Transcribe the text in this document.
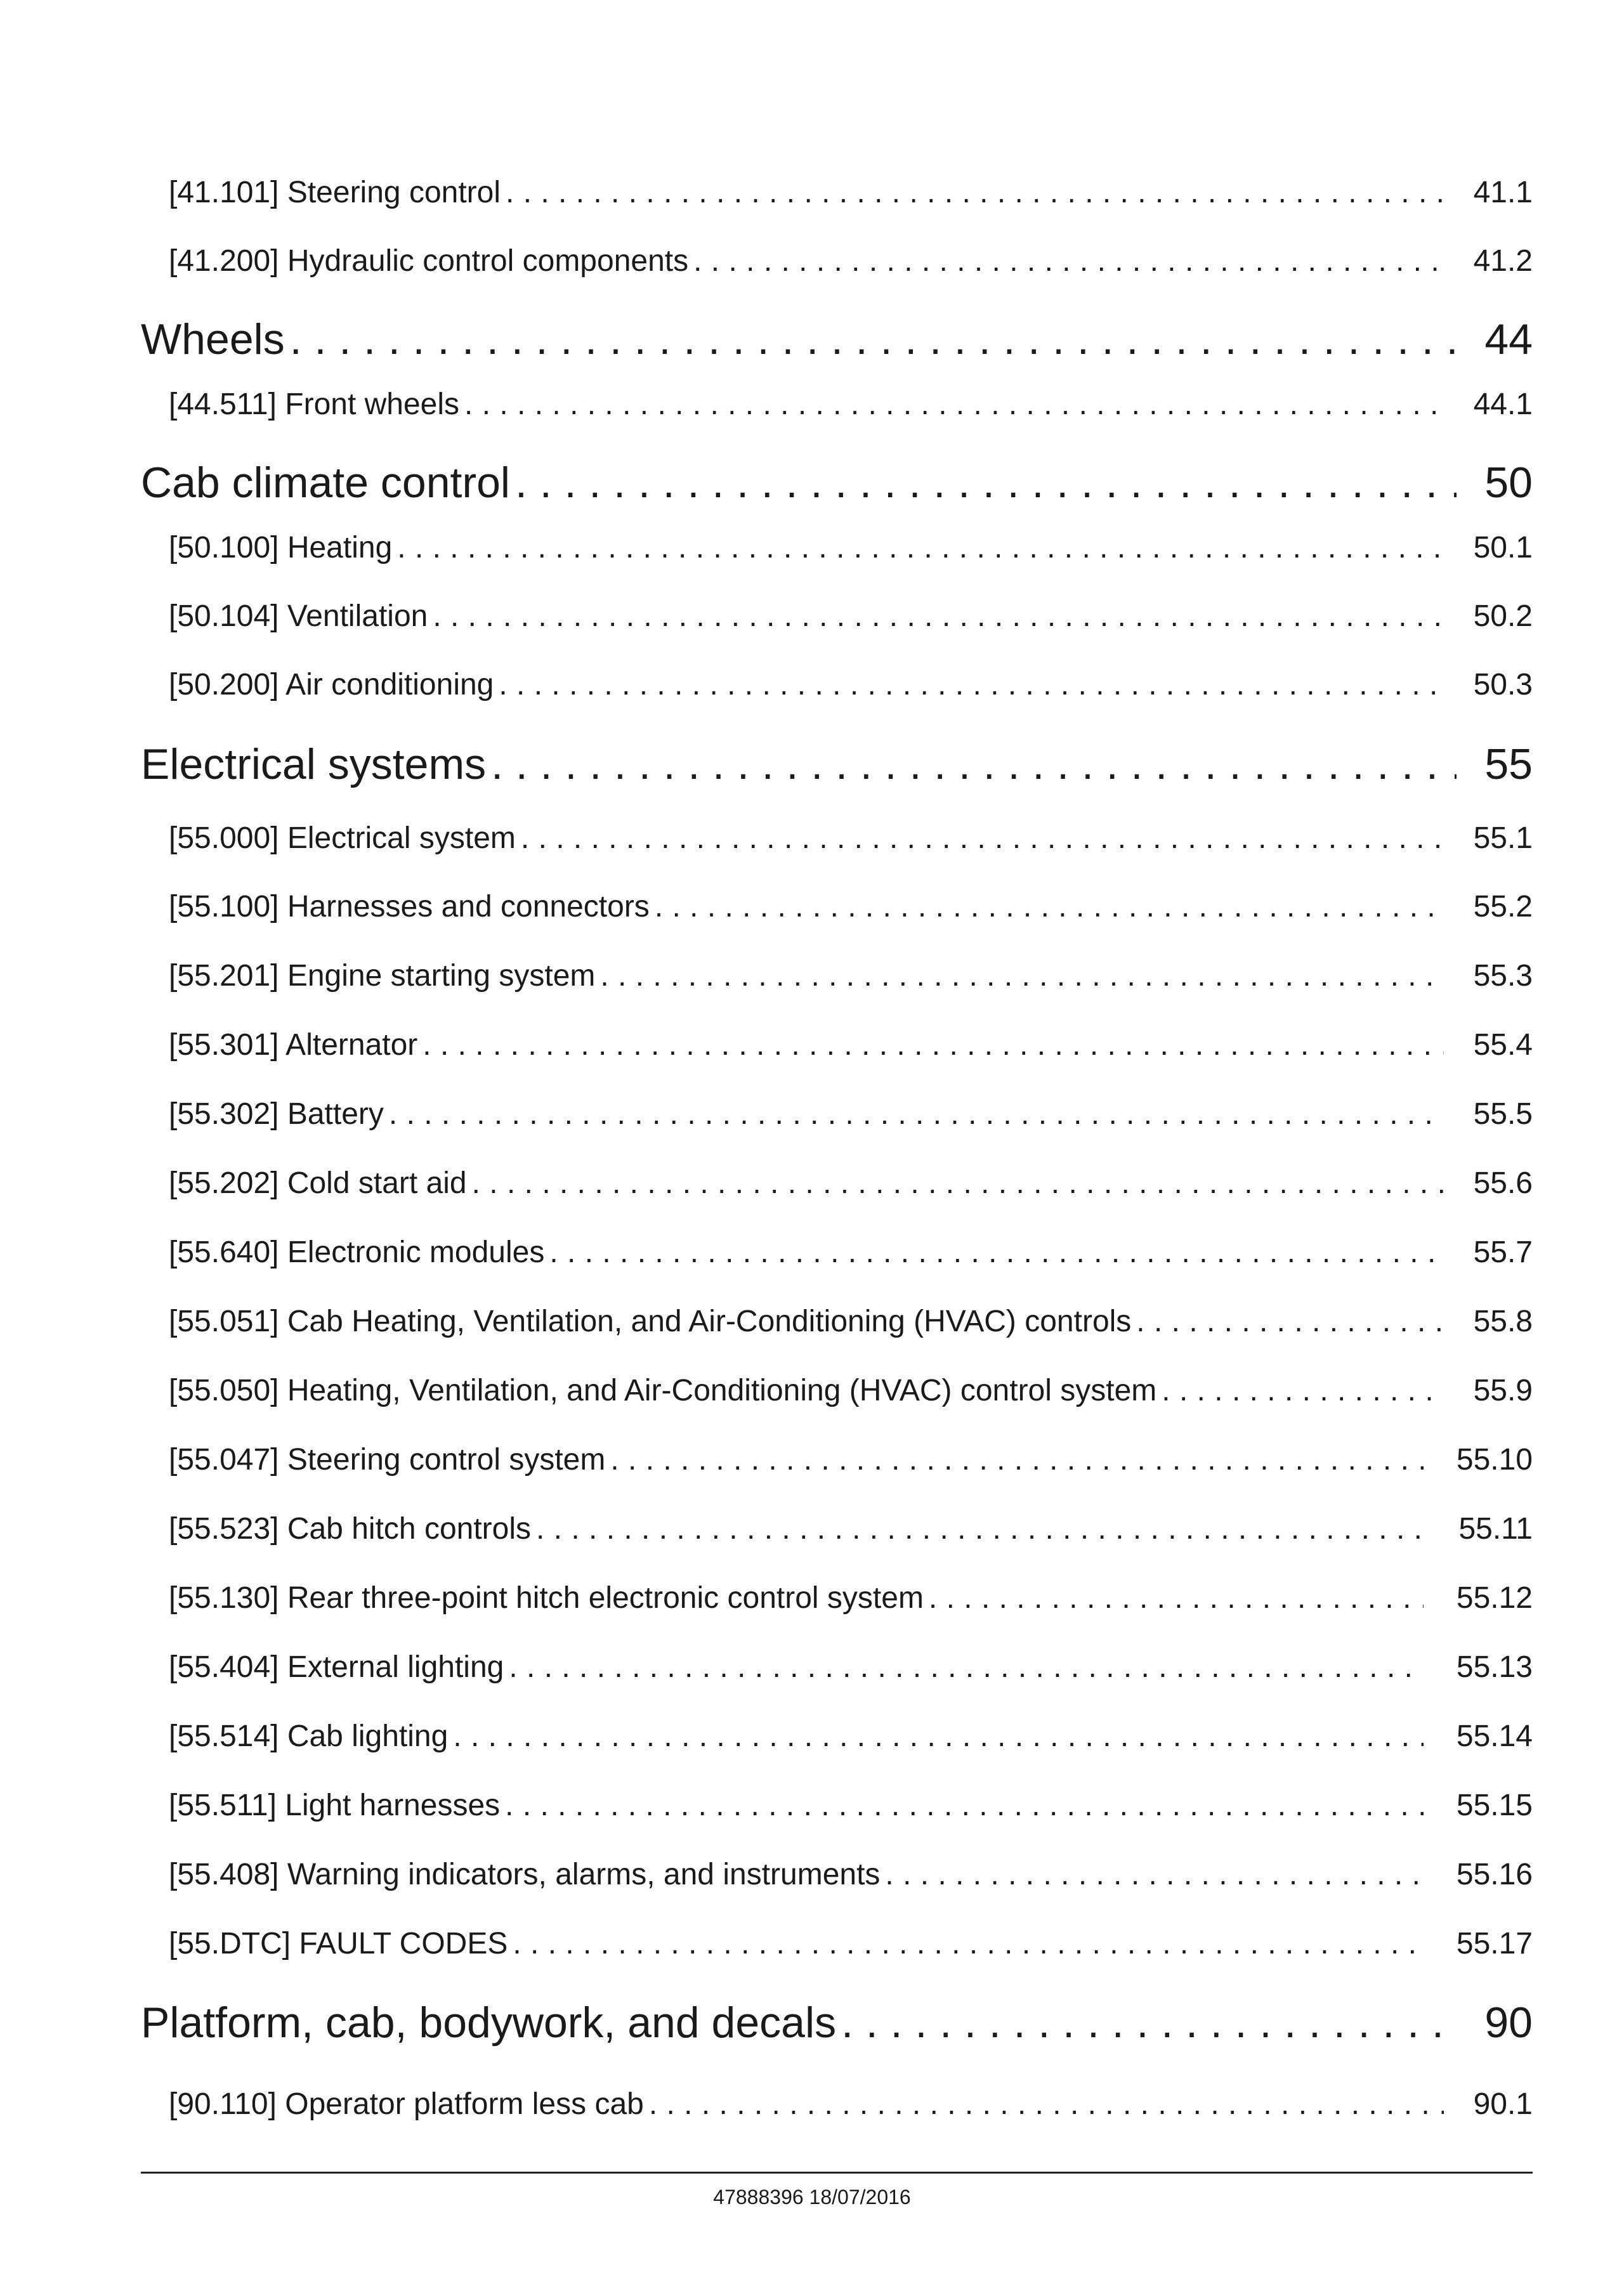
[41.101] Steering control . . .	41.1
[41.200] Hydraulic control components . . .	41.2
Wheels . . .	44
[44.511] Front wheels . . .	44.1
Cab climate control . . .	50
[50.100] Heating . . .	50.1
[50.104] Ventilation . . .	50.2
[50.200] Air conditioning . . .	50.3
Electrical systems . . .	55
[55.000] Electrical system . . .	55.1
[55.100] Harnesses and connectors . . .	55.2
[55.201] Engine starting system . . .	55.3
[55.301] Alternator . . .	55.4
[55.302] Battery . . .	55.5
[55.202] Cold start aid . . .	55.6
[55.640] Electronic modules . . .	55.7
[55.051] Cab Heating, Ventilation, and Air-Conditioning (HVAC) controls . . .	55.8
[55.050] Heating, Ventilation, and Air-Conditioning (HVAC) control system . . .	55.9
[55.047] Steering control system . . .	55.10
[55.523] Cab hitch controls . . .	55.11
[55.130] Rear three-point hitch electronic control system . . .	55.12
[55.404] External lighting . . .	55.13
[55.514] Cab lighting . . .	55.14
[55.511] Light harnesses . . .	55.15
[55.408] Warning indicators, alarms, and instruments . . .	55.16
[55.DTC] FAULT CODES . . .	55.17
Platform, cab, bodywork, and decals . . .	90
[90.110] Operator platform less cab . . .	90.1
47888396 18/07/2016
